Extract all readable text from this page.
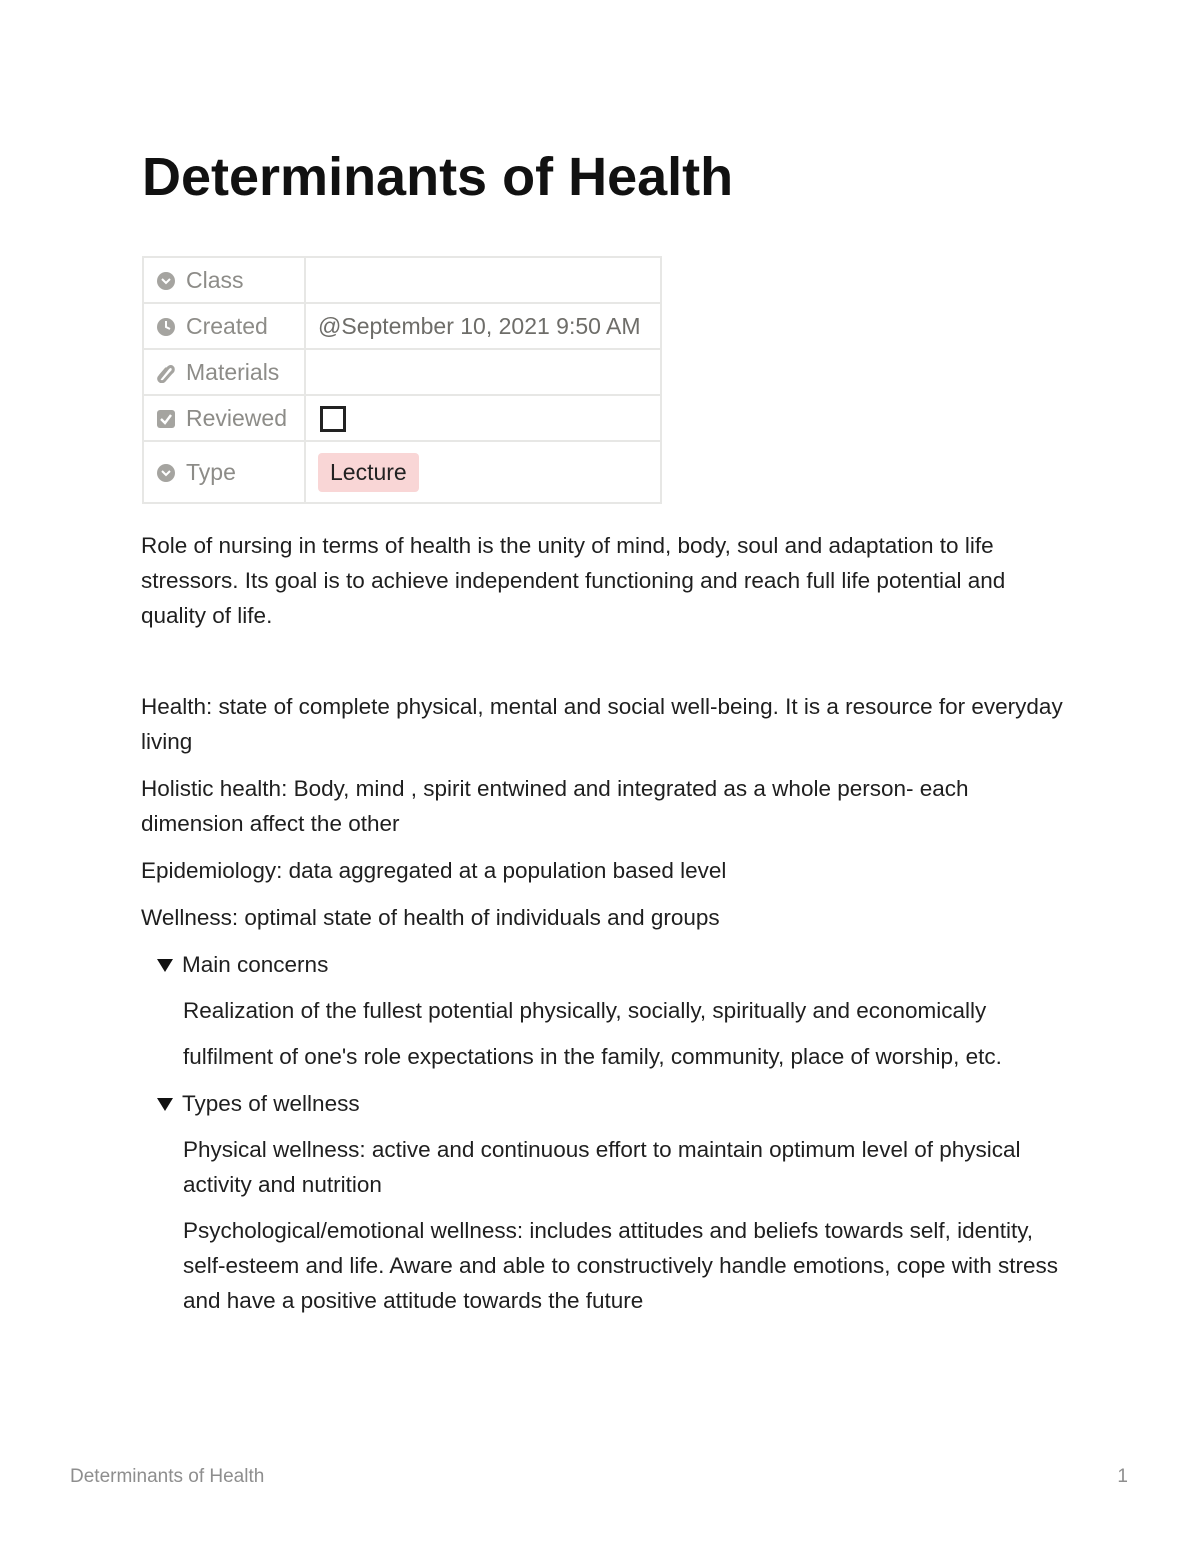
Determinants of Health
Class	
Created	@September 10, 2021 9:50 AM
Materials	
Reviewed	
Type	Lecture

Role of nursing in terms of health is the unity of mind, body, soul and adaptation to life stressors. Its goal is to achieve independent functioning and reach full life potential and quality of life.

Health: state of complete physical, mental and social well-being. It is a resource for everyday living

Holistic health: Body, mind , spirit entwined and integrated as a whole person- each dimension affect the other

Epidemiology: data aggregated at a population based level

Wellness: optimal state of health of individuals and groups

Main concerns

Realization of the fullest potential physically, socially, spiritually and economically

fulfilment of one's role expectations in the family, community, place of worship, etc.

Types of wellness

Physical wellness: active and continuous effort to maintain optimum level of physical activity and nutrition

Psychological/emotional wellness: includes attitudes and beliefs towards self, identity, self-esteem and life. Aware and able to constructively handle emotions, cope with stress and have a positive attitude towards the future

Determinants of Health	1
